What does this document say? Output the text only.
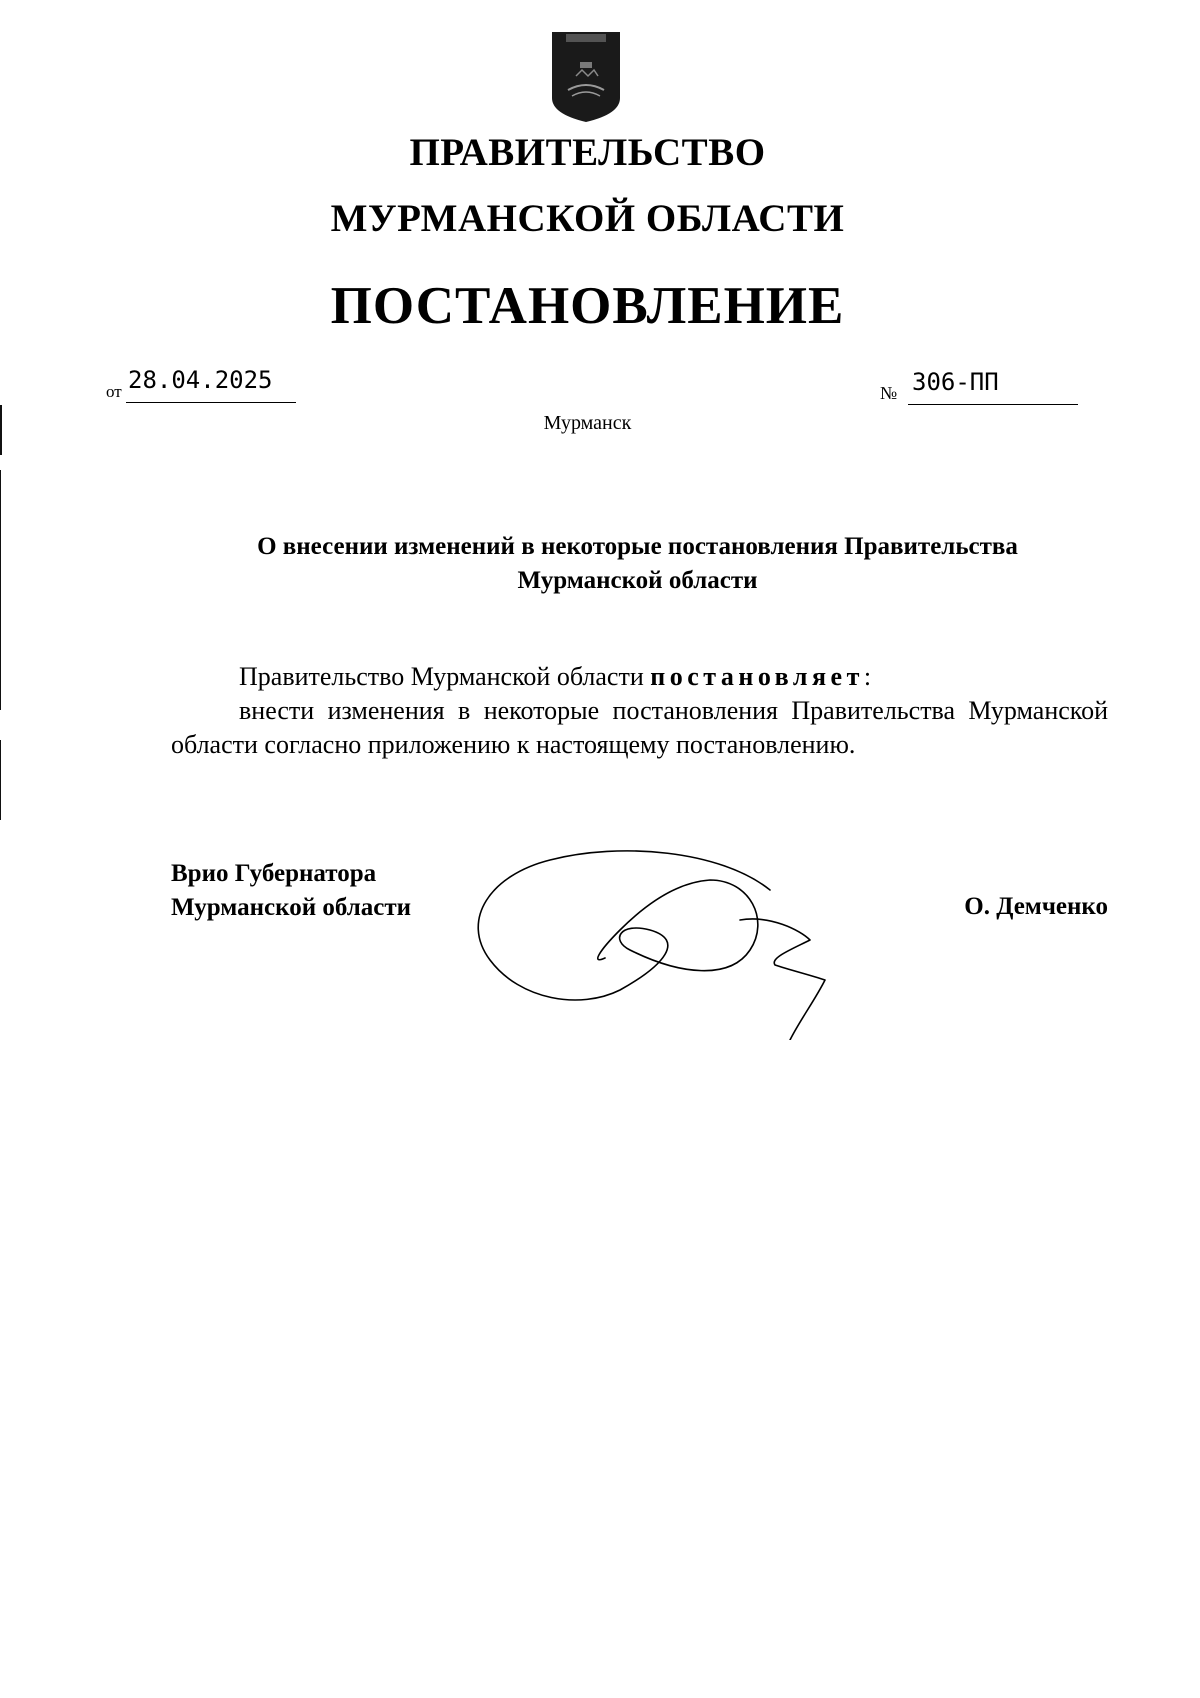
ПРАВИТЕЛЬСТВО
МУРМАНСКОЙ ОБЛАСТИ
ПОСТАНОВЛЕНИЕ
от 28.04.2025	№ 306-ПП
Мурманск
О внесении изменений в некоторые постановления Правительства
Мурманской области

Правительство Мурманской области постановляет:

внести изменения в некоторые постановления Правительства Мурманской области согласно приложению к настоящему постановлению.

Врио Губернатора
Мурманской области	О. Демченко
